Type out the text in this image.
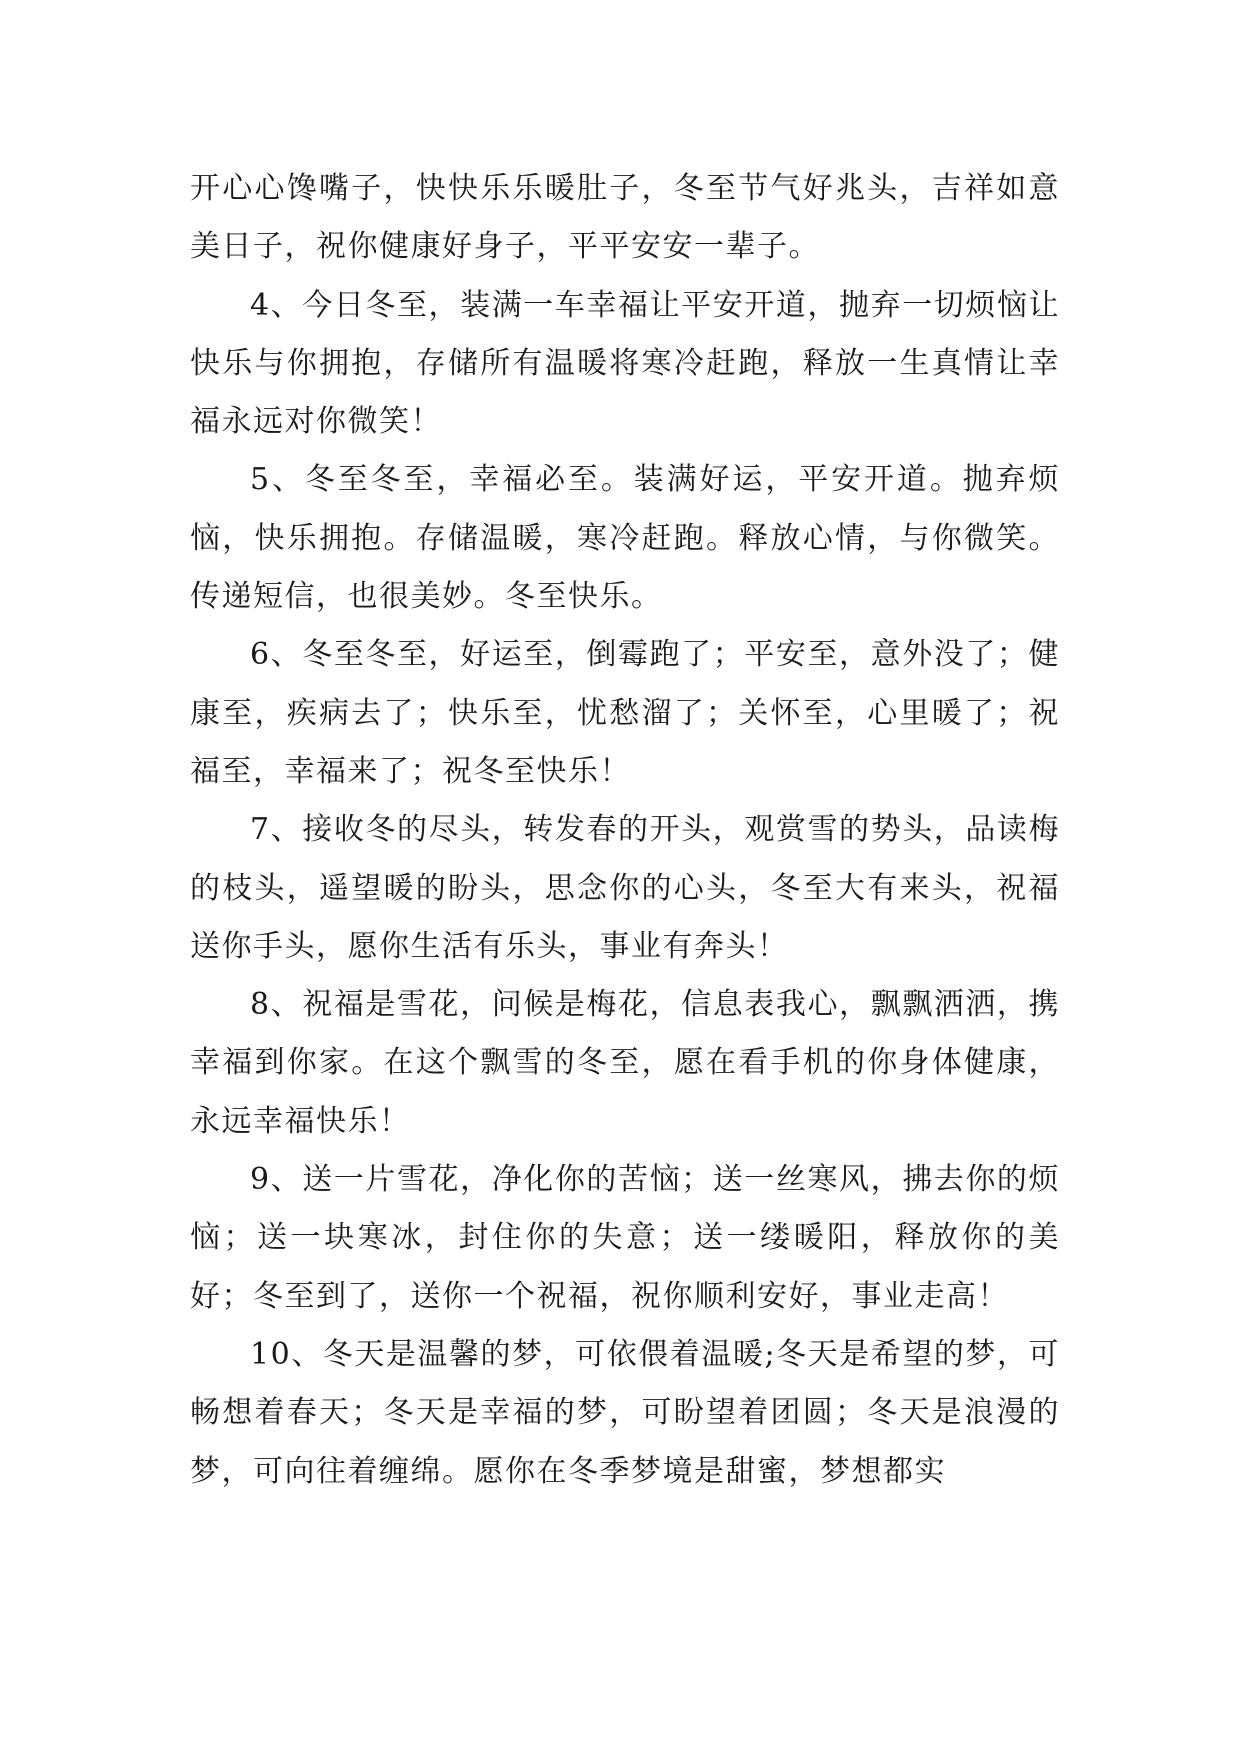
开心心馋嘴子，快快乐乐暖肚子，冬至节气好兆头，吉祥如意美日子，祝你健康好身子，平平安安一辈子。

4、今日冬至，装满一车幸福让平安开道，抛弃一切烦恼让快乐与你拥抱，存储所有温暖将寒冷赶跑，释放一生真情让幸福永远对你微笑！

5、冬至冬至，幸福必至。装满好运，平安开道。抛弃烦恼，快乐拥抱。存储温暖，寒冷赶跑。释放心情，与你微笑。传递短信，也很美妙。冬至快乐。

6、冬至冬至，好运至，倒霉跑了；平安至，意外没了；健康至，疾病去了；快乐至，忧愁溜了；关怀至，心里暖了；祝福至，幸福来了；祝冬至快乐！

7、接收冬的尽头，转发春的开头，观赏雪的势头，品读梅的枝头，遥望暖的盼头，思念你的心头，冬至大有来头，祝福送你手头，愿你生活有乐头，事业有奔头！

8、祝福是雪花，问候是梅花，信息表我心，飘飘洒洒，携幸福到你家。在这个飘雪的冬至，愿在看手机的你身体健康，永远幸福快乐！

9、送一片雪花，净化你的苦恼；送一丝寒风，拂去你的烦恼；送一块寒冰，封住你的失意；送一缕暖阳，释放你的美好；冬至到了，送你一个祝福，祝你顺利安好，事业走高！

10、冬天是温馨的梦，可依偎着温暖;冬天是希望的梦，可畅想着春天；冬天是幸福的梦，可盼望着团圆；冬天是浪漫的梦，可向往着缠绵。愿你在冬季梦境是甜蜜，梦想都实
